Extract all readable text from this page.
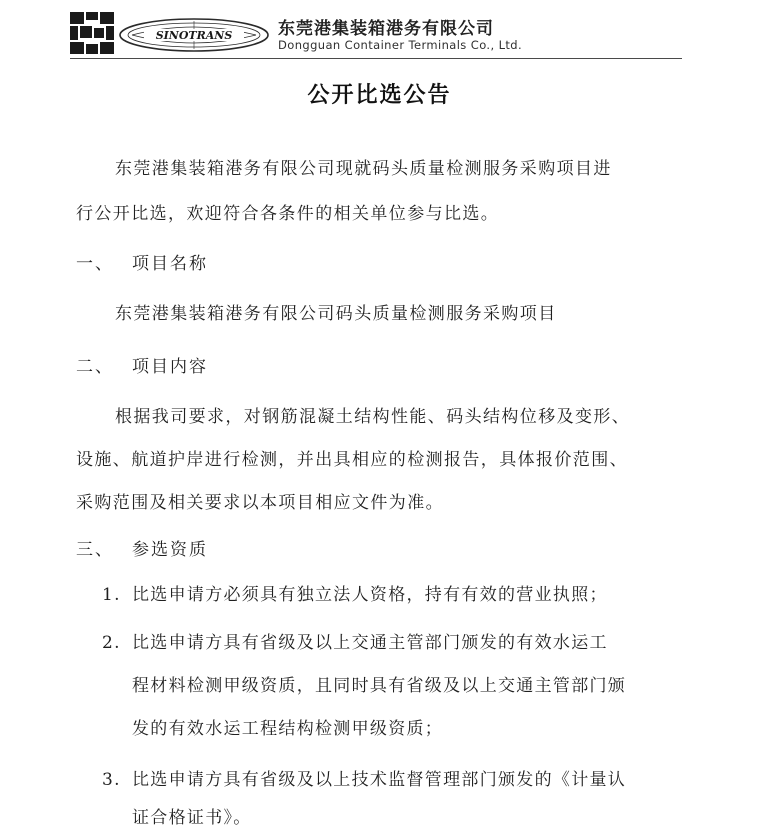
SINOTRANS	东莞港集装箱港务有限公司
Dongguan Container Terminals Co., Ltd.
公开比选公告
东莞港集装箱港务有限公司现就码头质量检测服务采购项目进
行公开比选，欢迎符合各条件的相关单位参与比选。
一、 项目名称
东莞港集装箱港务有限公司码头质量检测服务采购项目
二、 项目内容
根据我司要求，对钢筋混凝土结构性能、码头结构位移及变形、
设施、航道护岸进行检测，并出具相应的检测报告，具体报价范围、
采购范围及相关要求以本项目相应文件为准。
三、 参选资质
1. 比选申请方必须具有独立法人资格，持有有效的营业执照；
2. 比选申请方具有省级及以上交通主管部门颁发的有效水运工
程材料检测甲级资质，且同时具有省级及以上交通主管部门颁
发的有效水运工程结构检测甲级资质；
3. 比选申请方具有省级及以上技术监督管理部门颁发的《计量认
证合格证书》。
